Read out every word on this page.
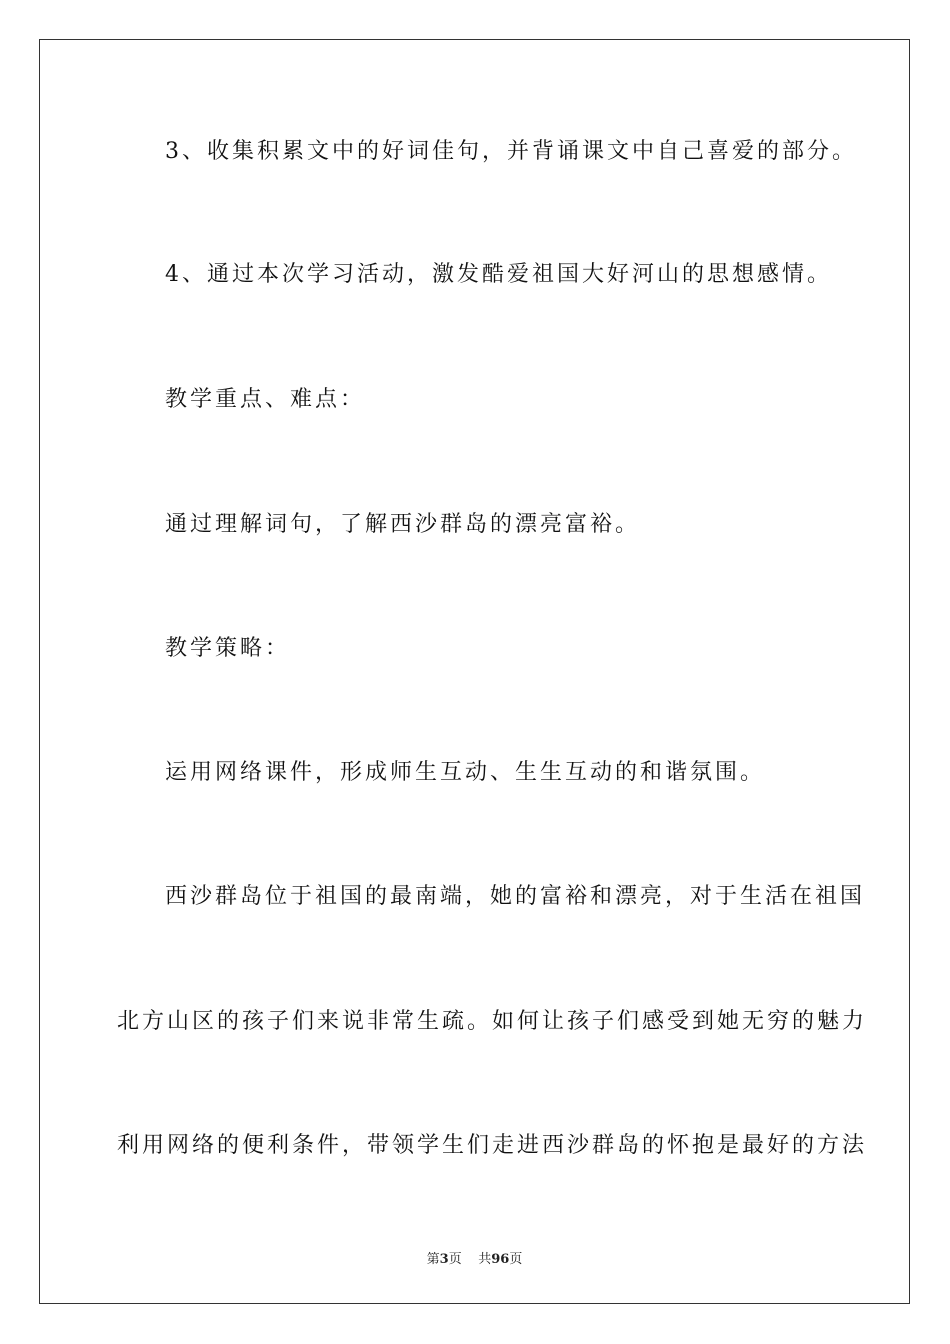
3、收集积累文中的好词佳句，并背诵课文中自己喜爱的部分。
4、通过本次学习活动，激发酷爱祖国大好河山的思想感情。
教学重点、难点：
通过理解词句，了解西沙群岛的漂亮富裕。
教学策略：
运用网络课件，形成师生互动、生生互动的和谐氛围。
西沙群岛位于祖国的最南端，她的富裕和漂亮，对于生活在祖国
北方山区的孩子们来说非常生疏。如何让孩子们感受到她无穷的魅力
利用网络的便利条件，带领学生们走进西沙群岛的怀抱是最好的方法
第3页 共96页
